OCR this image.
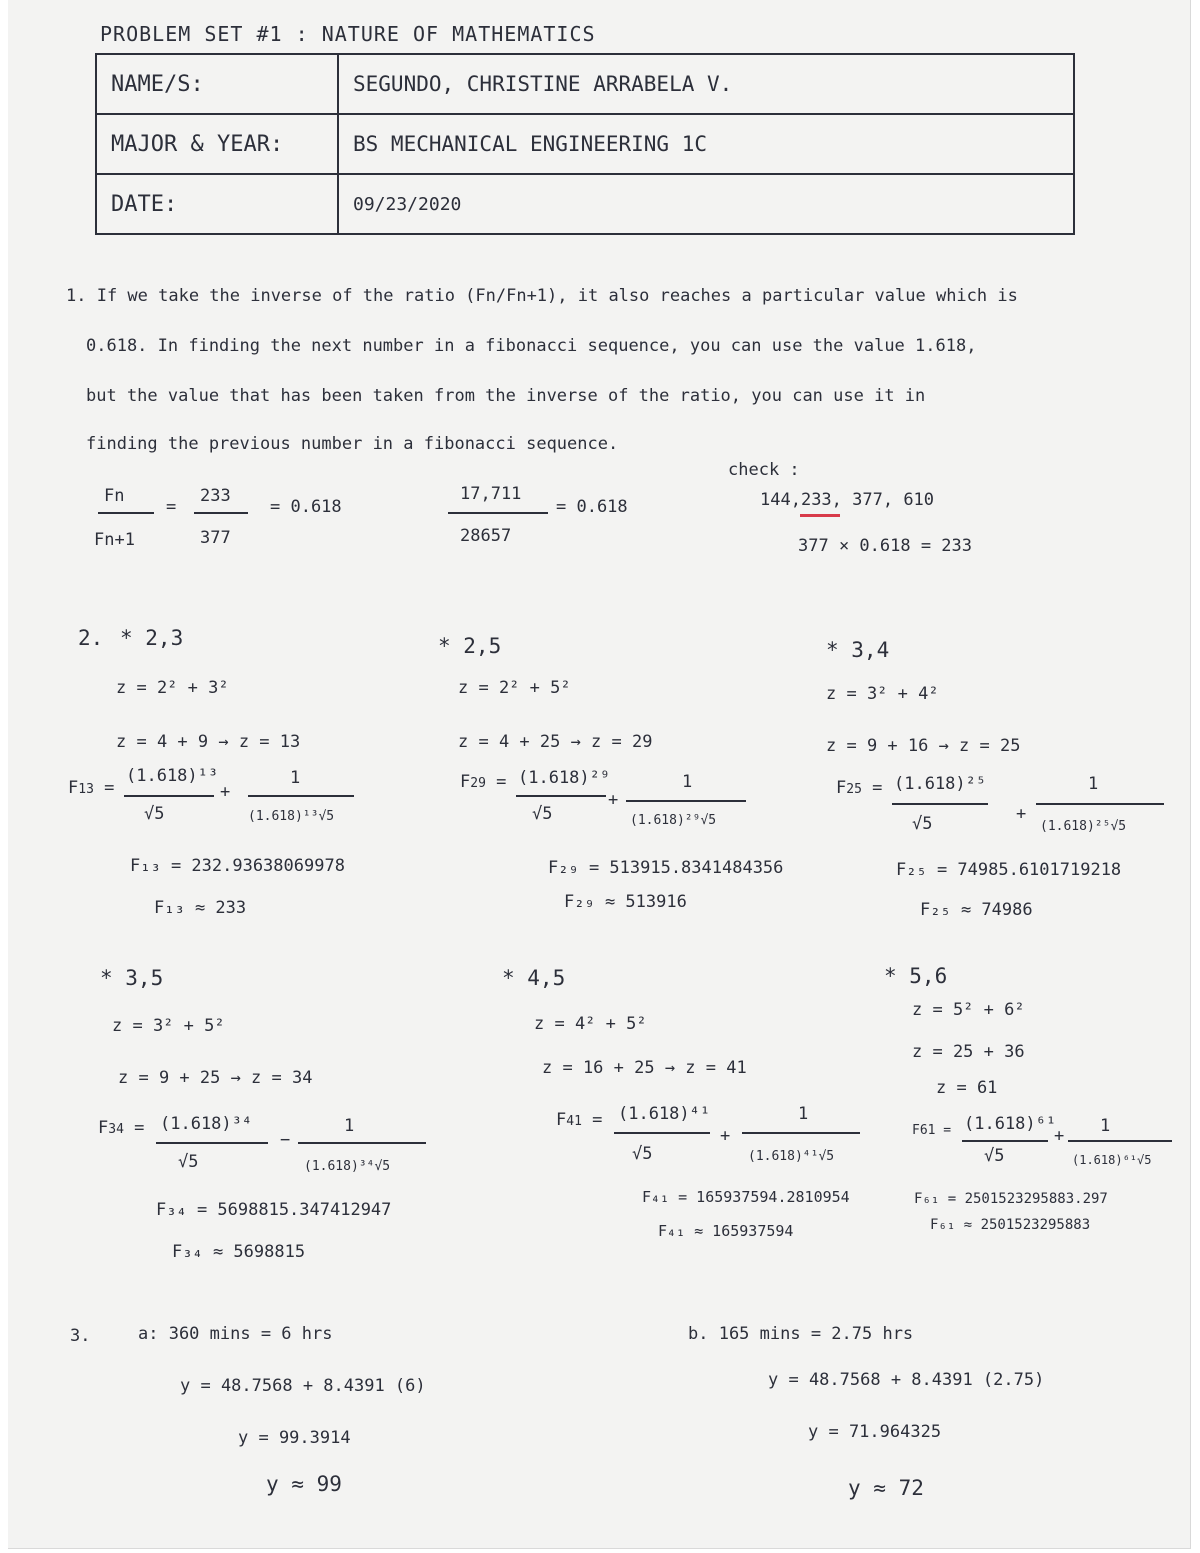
PROBLEM SET #1 : NATURE OF MATHEMATICS
NAME/S:	SEGUNDO, CHRISTINE ARRABELA V.
MAJOR & YEAR:	BS MECHANICAL ENGINEERING 1C
DATE:	09/23/2020
1. If we take the inverse of the ratio (Fn/Fn+1), it also reaches a particular value which is
0.618. In finding the next number in a fibonacci sequence, you can use the value 1.618,
but the value that has been taken from the inverse of the ratio, you can use it in
finding the previous number in a fibonacci sequence.
Fn
Fn+1
=
233
377
= 0.618
17,711
28657
= 0.618
check :
144,233, 377, 610
377 × 0.618 = 233
2. * 2,3
z = 2² + 3²
z = 4 + 9 → z = 13
F13 =
(1.618)¹³
√5
+
1
(1.618)¹³√5
F₁₃ = 232.93638069978
F₁₃ ≈ 233
* 2,5
z = 2² + 5²
z = 4 + 25 → z = 29
F29 = (1.618)²⁹
√5
+
1
(1.618)²⁹√5
F₂₉ = 513915.8341484356
F₂₉ ≈ 513916
* 3,4
z = 3² + 4²
z = 9 + 16 → z = 25
F25 = (1.618)²⁵
√5	+
1
(1.618)²⁵√5
F₂₅ = 74985.6101719218
F₂₅ ≈ 74986
* 3,5
z = 3² + 5²
z = 9 + 25 → z = 34
F34 = (1.618)³⁴
√5
−
1
(1.618)³⁴√5
F₃₄ = 5698815.347412947
F₃₄ ≈ 5698815
* 4,5
z = 4² + 5²
z = 16 + 25 → z = 41
F41 = (1.618)⁴¹
√5
+
1
(1.618)⁴¹√5
F₄₁ = 165937594.2810954
F₄₁ ≈ 165937594
* 5,6
z = 5² + 6²
z = 25 + 36
z = 61
F61 = (1.618)⁶¹
√5
+ 1
(1.618)⁶¹√5
F₆₁ = 2501523295883.297
F₆₁ ≈ 2501523295883
3.	a: 360 mins = 6 hrs
y = 48.7568 + 8.4391 (6)
y = 99.3914
y ≈ 99
b. 165 mins = 2.75 hrs
y = 48.7568 + 8.4391 (2.75)
y = 71.964325
y ≈ 72
